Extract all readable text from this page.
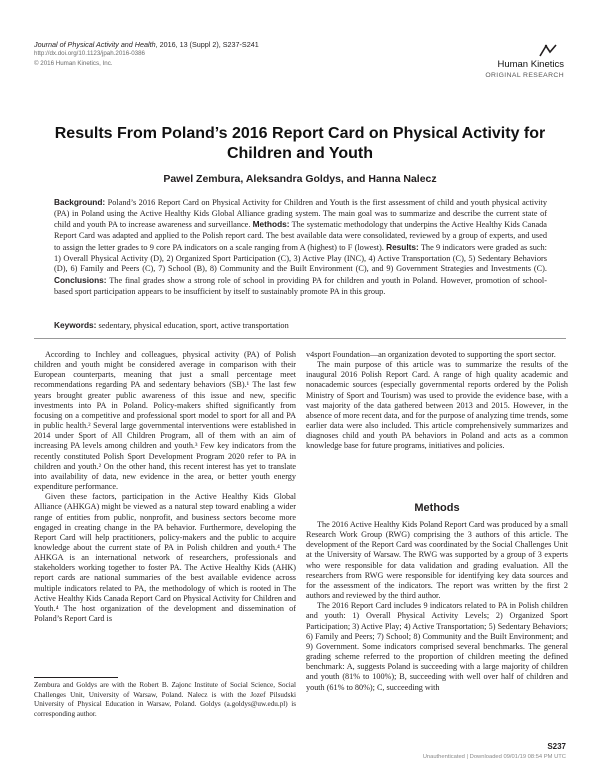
Journal of Physical Activity and Health, 2016, 13 (Suppl 2), S237-S241
http://dx.doi.org/10.1123/jpah.2016-0386
© 2016 Human Kinetics, Inc.	Human Kinetics
ORIGINAL RESEARCH
Results From Poland’s 2016 Report Card on Physical Activity for Children and Youth
Pawel Zembura, Aleksandra Goldys, and Hanna Nalecz
Background: Poland’s 2016 Report Card on Physical Activity for Children and Youth is the first assessment of child and youth physical activity (PA) in Poland using the Active Healthy Kids Global Alliance grading system. The main goal was to summarize and describe the current state of child and youth PA to increase awareness and surveillance. Methods: The systematic methodology that underpins the Active Healthy Kids Canada Report Card was adapted and applied to the Polish report card. The best available data were consolidated, reviewed by a group of experts, and used to assign the letter grades to 9 core PA indicators on a scale ranging from A (highest) to F (lowest). Results: The 9 indicators were graded as such: 1) Overall Physical Activity (D), 2) Organized Sport Participation (C), 3) Active Play (INC), 4) Active Transportation (C), 5) Sedentary Behaviors (D), 6) Family and Peers (C), 7) School (B), 8) Community and the Built Environment (C), and 9) Government Strategies and Investments (C). Conclusions: The final grades show a strong role of school in providing PA for children and youth in Poland. However, promotion of school-based sport participation appears to be insufficient by itself to sustainably promote PA in this group.
Keywords: sedentary, physical education, sport, active transportation

According to Inchley and colleagues, physical activity (PA) of Polish children and youth might be considered average in comparison with their European counterparts, meaning that just a small percentage meet recommendations regarding PA and sedentary behaviors (SB).¹ The last few years brought greater public awareness of this issue and new, specific investments into PA in Poland. Policy-makers shifted significantly from focusing on a competitive and professional sport model to sport for all and PA in public health.² Several large governmental interventions were established in 2014 under Sport of All Children Program, all of them with an aim of increasing PA levels among children and youth.³ Few key indicators from the recently constituted Polish Sport Development Program 2020 refer to PA in children and youth.² On the other hand, this recent interest has yet to translate into availability of data, new evidence in the area, or better youth energy expenditure performance.

Given these factors, participation in the Active Healthy Kids Global Alliance (AHKGA) might be viewed as a natural step toward enabling a wider range of entities from public, nonprofit, and business sectors become more engaged in creating change in the PA behavior. Furthermore, developing the Report Card will help practitioners, policy-makers and the public to acquire knowledge about the current state of PA in Polish children and youth.⁴ The AHKGA is an international network of researchers, professionals and stakeholders working together to foster PA. The Active Healthy Kids (AHK) report cards are national summaries of the best available evidence across multiple indicators related to PA, the methodology of which is rooted in The Active Healthy Kids Canada Report Card on Physical Activity for Children and Youth.⁴ The host organization of the development and dissemination of Poland’s Report Card is

v4sport Foundation—an organization devoted to supporting the sport sector.

The main purpose of this article was to summarize the results of the inaugural 2016 Polish Report Card. A range of high quality academic and nonacademic sources (especially governmental reports ordered by the Polish Ministry of Sport and Tourism) was used to provide the evidence base, with a vast majority of the data gathered between 2013 and 2015. However, in the absence of more recent data, and for the purpose of analyzing time trends, some earlier data were also included. This article comprehensively summarizes and diagnoses child and youth PA behaviors in Poland and acts as a common knowledge base for future programs, initiatives and policies.

Methods

The 2016 Active Healthy Kids Poland Report Card was produced by a small Research Work Group (RWG) comprising the 3 authors of this article. The development of the Report Card was coordinated by the Social Challenges Unit at the University of Warsaw. The RWG was supported by a group of 3 experts who were responsible for data validation and grading evaluation. All the researchers from RWG were responsible for identifying key data sources and for the assessment of the indicators. The report was written by the first 2 authors and reviewed by the third author.

The 2016 Report Card includes 9 indicators related to PA in Polish children and youth: 1) Overall Physical Activity Levels; 2) Organized Sport Participation; 3) Active Play; 4) Active Transportation; 5) Sedentary Behaviors; 6) Family and Peers; 7) School; 8) Community and the Built Environment; and 9) Government. Some indicators comprised several benchmarks. The general grading scheme referred to the proportion of children meeting the defined benchmark: A, suggests Poland is succeeding with a large majority of children and youth (81% to 100%); B, succeeding with well over half of children and youth (61% to 80%); C, succeeding with

Zembura and Goldys are with the Robert B. Zajonc Institute of Social Science, Social Challenges Unit, University of Warsaw, Poland. Nalecz is with the Jozef Pilsudski University of Physical Education in Warsaw, Poland. Goldys (a.goldys@uw.edu.pl) is corresponding author.
S237
Unauthenticated | Downloaded 09/01/19 08:54 PM UTC
